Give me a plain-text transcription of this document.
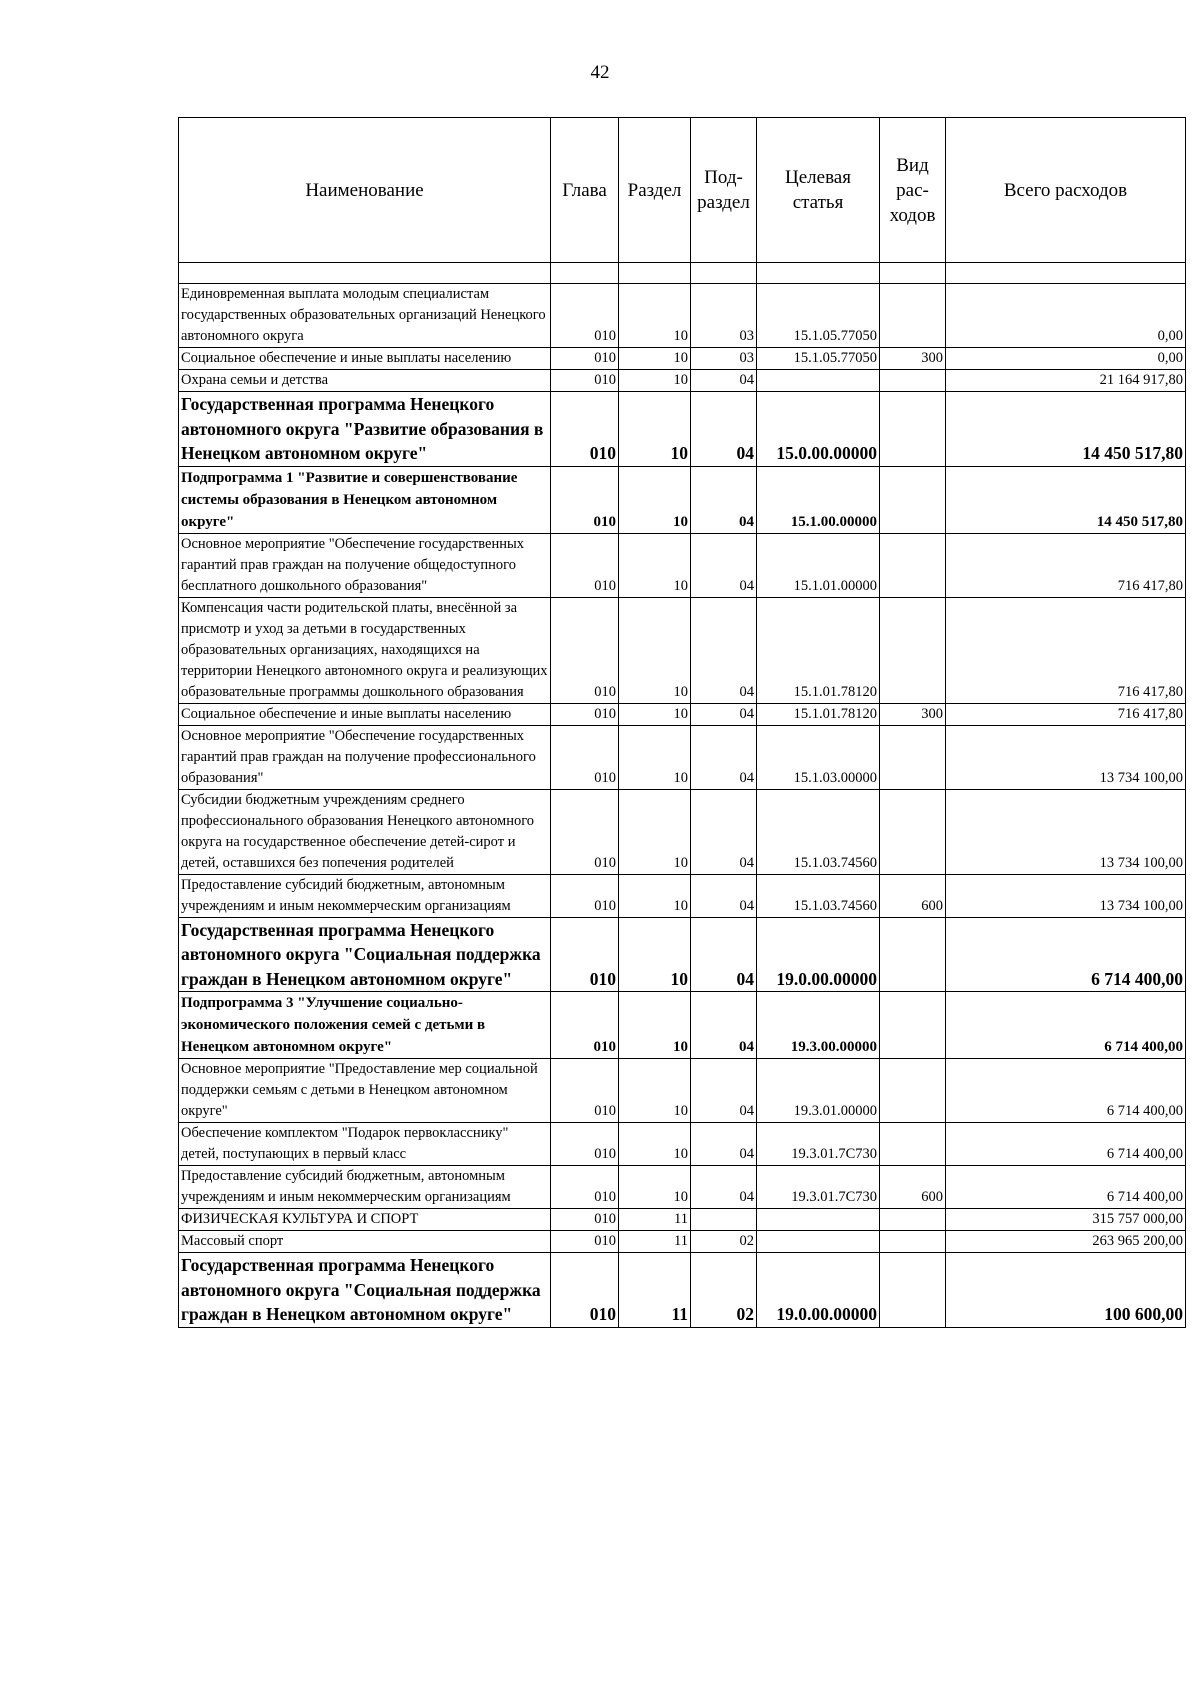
42
Наименование	Глава	Раздел	Под-раздел	Целевая статья	Вид рас-ходов	Всего расходов

Единовременная выплата молодым специалистам государственных образовательных организаций Ненецкого автономного округа	010	10	03	15.1.05.77050		0,00
Социальное обеспечение и иные выплаты населению	010	10	03	15.1.05.77050	300	0,00
Охрана семьи и детства	010	10	04			21 164 917,80
Государственная программа Ненецкого автономного округа "Развитие образования в Ненецком автономном округе"	010	10	04	15.0.00.00000		14 450 517,80
Подпрограмма 1 "Развитие и совершенствование системы образования в Ненецком автономном округе"	010	10	04	15.1.00.00000		14 450 517,80
Основное мероприятие "Обеспечение государственных гарантий прав граждан на получение общедоступного бесплатного дошкольного образования"	010	10	04	15.1.01.00000		716 417,80
Компенсация части родительской платы, внесённой за присмотр и уход за детьми в государственных образовательных организациях, находящихся на территории Ненецкого автономного округа и реализующих образовательные программы дошкольного образования	010	10	04	15.1.01.78120		716 417,80
Социальное обеспечение и иные выплаты населению	010	10	04	15.1.01.78120	300	716 417,80
Основное мероприятие "Обеспечение государственных гарантий прав граждан на получение профессионального образования"	010	10	04	15.1.03.00000		13 734 100,00
Субсидии бюджетным учреждениям среднего профессионального образования Ненецкого автономного округа на государственное обеспечение детей-сирот и детей, оставшихся без попечения родителей	010	10	04	15.1.03.74560		13 734 100,00
Предоставление субсидий бюджетным, автономным учреждениям и иным некоммерческим организациям	010	10	04	15.1.03.74560	600	13 734 100,00
Государственная программа Ненецкого автономного округа "Социальная поддержка граждан в Ненецком автономном округе"	010	10	04	19.0.00.00000		6 714 400,00
Подпрограмма 3 "Улучшение социально-экономического положения семей с детьми в Ненецком автономном округе"	010	10	04	19.3.00.00000		6 714 400,00
Основное мероприятие "Предоставление мер социальной поддержки семьям с детьми в Ненецком автономном округе"	010	10	04	19.3.01.00000		6 714 400,00
Обеспечение комплектом "Подарок первокласснику" детей, поступающих в первый класс	010	10	04	19.3.01.7С730		6 714 400,00
Предоставление субсидий бюджетным, автономным учреждениям и иным некоммерческим организациям	010	10	04	19.3.01.7С730	600	6 714 400,00
ФИЗИЧЕСКАЯ КУЛЬТУРА И СПОРТ	010	11				315 757 000,00
Массовый спорт	010	11	02			263 965 200,00
Государственная программа Ненецкого автономного округа "Социальная поддержка граждан в Ненецком автономном округе"	010	11	02	19.0.00.00000		100 600,00
